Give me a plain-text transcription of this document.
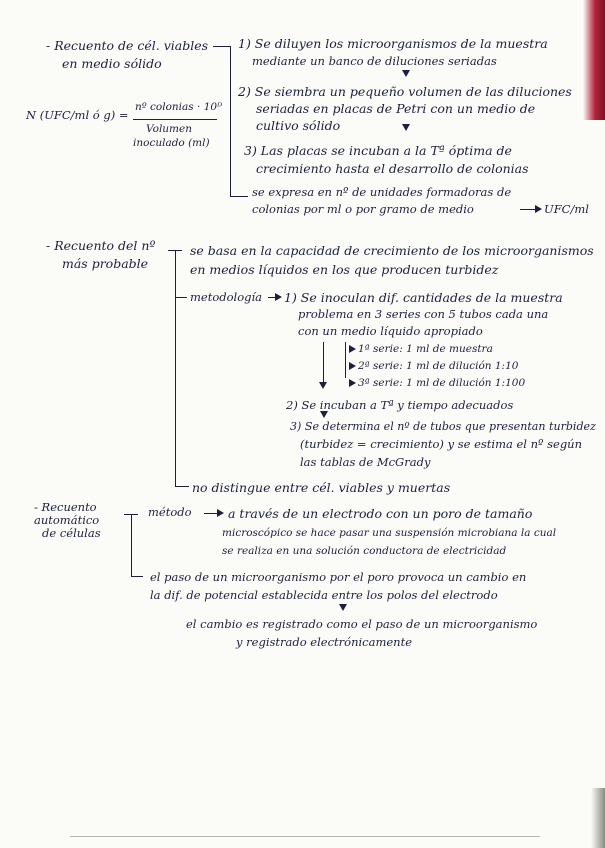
- Recuento de cél. viables
en medio sólido
N (UFC/ml ó g) =
nº colonias · 10ᴰ
Volumen
inoculado (ml)
1) Se diluyen los microorganismos de la muestra
mediante un banco de diluciones seriadas
2) Se siembra un pequeño volumen de las diluciones
seriadas en placas de Petri con un medio de
cultivo sólido
3) Las placas se incuban a la Tª óptima de
crecimiento hasta el desarrollo de colonias
se expresa en nº de unidades formadoras de
colonias por ml o por gramo de medio	UFC/ml
- Recuento del nº
más probable
se basa en la capacidad de crecimiento de los microorganismos
en medios líquidos en los que producen turbidez
metodología 1) Se inoculan dif. cantidades de la muestra
problema en 3 series con 5 tubos cada una
con un medio líquido apropiado
1ª serie: 1 ml de muestra
2ª serie: 1 ml de dilución 1:10
3ª serie: 1 ml de dilución 1:100
2) Se incuban a Tª y tiempo adecuados
3) Se determina el nº de tubos que presentan turbidez
(turbidez = crecimiento) y se estima el nº según
las tablas de McGrady
no distingue entre cél. viables y muertas
- Recuento
automático
de células
método	a través de un electrodo con un poro de tamaño
microscópico se hace pasar una suspensión microbiana la cual
se realiza en una solución conductora de electricidad
el paso de un microorganismo por el poro provoca un cambio en
la dif. de potencial establecida entre los polos del electrodo
el cambio es registrado como el paso de un microorganismo
y registrado electrónicamente
